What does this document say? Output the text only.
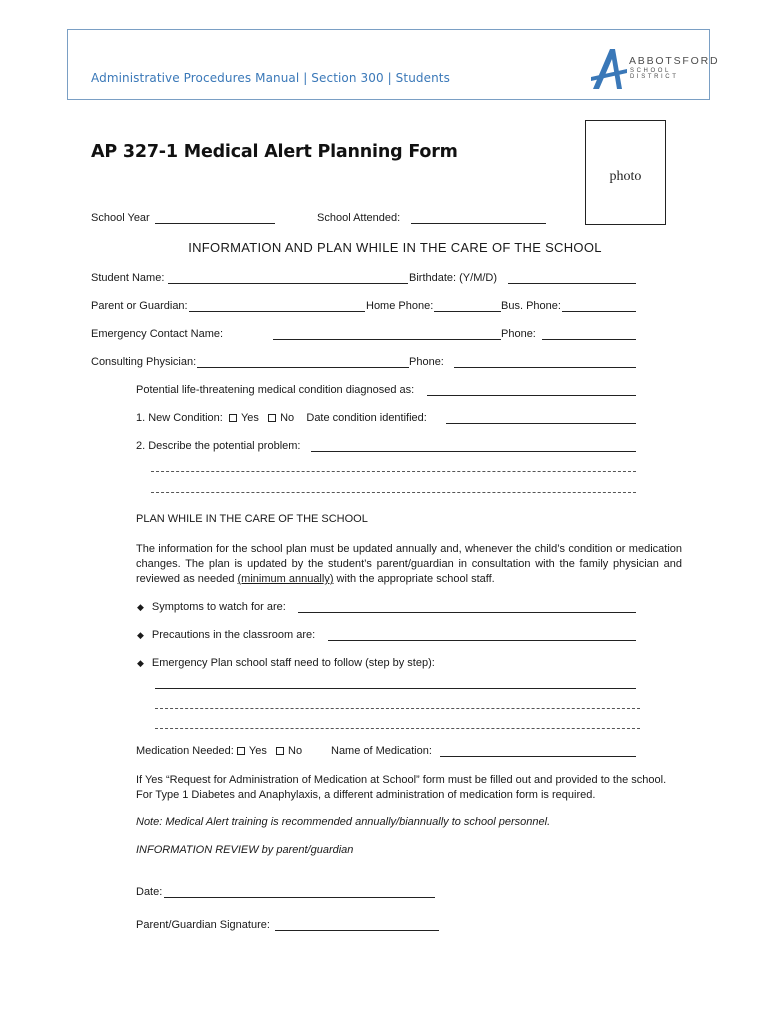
Administrative Procedures Manual | Section 300 | Students
ABBOTSFORD
SCHOOL DISTRICT
photo
AP 327-1 Medical Alert Planning Form
School Year	School Attended:
INFORMATION AND PLAN WHILE IN THE CARE OF THE SCHOOL
Student Name:	Birthdate: (Y/M/D)
Parent or Guardian:	Home Phone:	Bus. Phone:
Emergency Contact Name:	Phone:
Consulting Physician:	Phone:
Potential life-threatening medical condition diagnosed as:
1. New Condition: Yes No Date condition identified:
2. Describe the potential problem:
PLAN WHILE IN THE CARE OF THE SCHOOL
The information for the school plan must be updated annually and, whenever the child’s condition or medication changes. The plan is updated by the student’s parent/guardian in consultation with the family physician and reviewed as needed (minimum annually) with the appropriate school staff.
◆ Symptoms to watch for are:
◆ Precautions in the classroom are:
◆ Emergency Plan school staff need to follow (step by step):
Medication Needed: Yes No	Name of Medication:
If Yes “Request for Administration of Medication at School” form must be filled out and provided to the school. For Type 1 Diabetes and Anaphylaxis, a different administration of medication form is required.
Note: Medical Alert training is recommended annually/biannually to school personnel.
INFORMATION REVIEW by parent/guardian
Date:
Parent/Guardian Signature:
